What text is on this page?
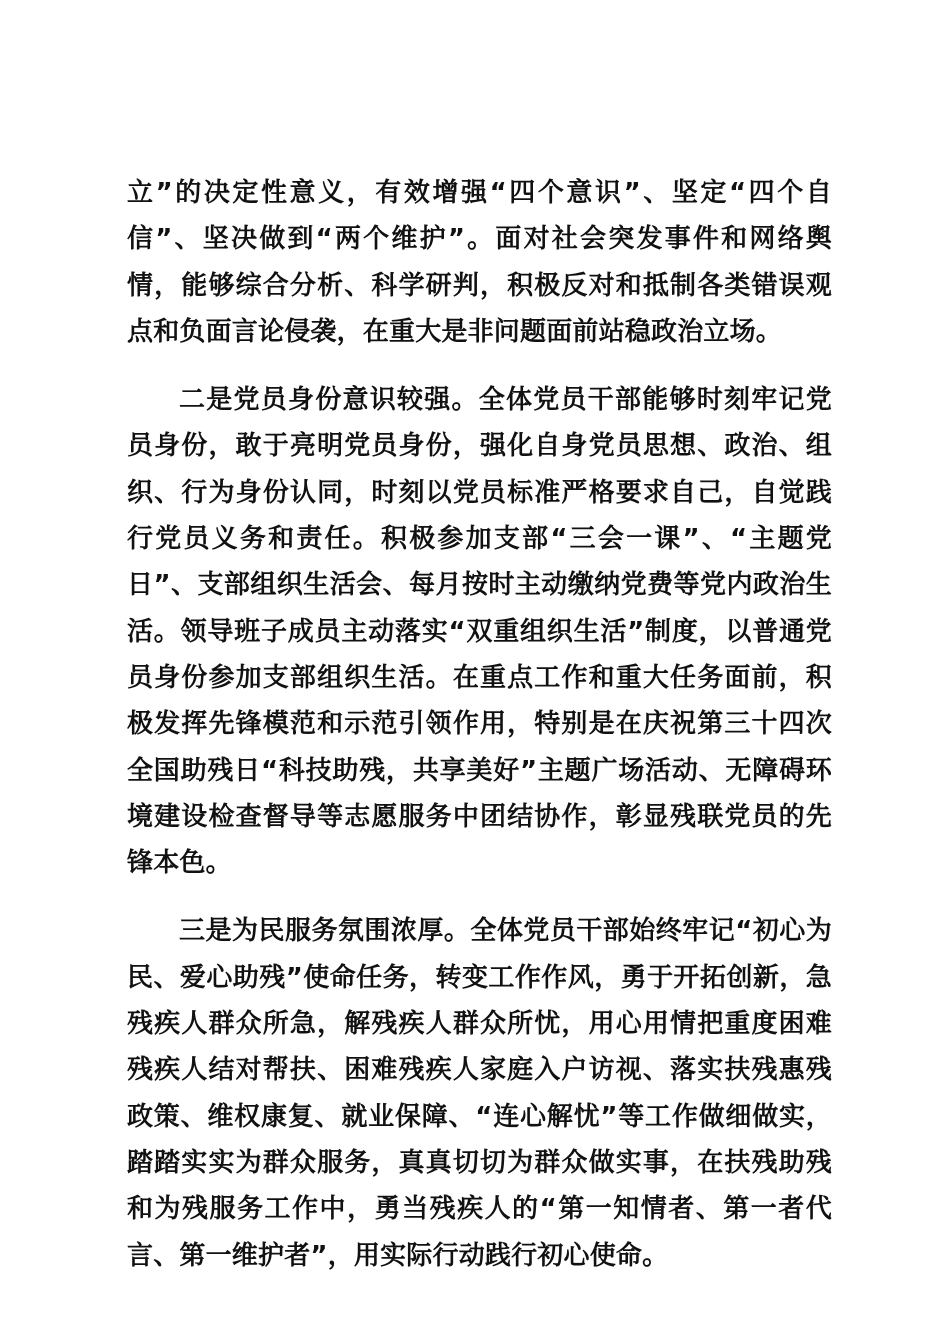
立”的决定性意义，有效增强“四个意识”、坚定“四个自信”、坚决做到“两个维护”。面对社会突发事件和网络舆情，能够综合分析、科学研判，积极反对和抵制各类错误观点和负面言论侵袭，在重大是非问题面前站稳政治立场。

二是党员身份意识较强。全体党员干部能够时刻牢记党员身份，敢于亮明党员身份，强化自身党员思想、政治、组织、行为身份认同，时刻以党员标准严格要求自己，自觉践行党员义务和责任。积极参加支部“三会一课”、“主题党日”、支部组织生活会、每月按时主动缴纳党费等党内政治生活。领导班子成员主动落实“双重组织生活”制度，以普通党员身份参加支部组织生活。在重点工作和重大任务面前，积极发挥先锋模范和示范引领作用，特别是在庆祝第三十四次全国助残日“科技助残，共享美好”主题广场活动、无障碍环境建设检查督导等志愿服务中团结协作，彰显残联党员的先锋本色。

三是为民服务氛围浓厚。全体党员干部始终牢记“初心为民、爱心助残”使命任务，转变工作作风，勇于开拓创新，急残疾人群众所急，解残疾人群众所忧，用心用情把重度困难残疾人结对帮扶、困难残疾人家庭入户访视、落实扶残惠残政策、维权康复、就业保障、“连心解忧”等工作做细做实，踏踏实实为群众服务，真真切切为群众做实事，在扶残助残和为残服务工作中，勇当残疾人的“第一知情者、第一者代言、第一维护者”，用实际行动践行初心使命。
